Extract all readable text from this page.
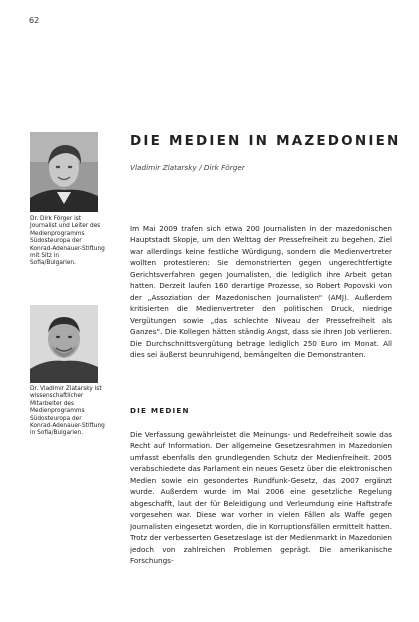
62
Dr. Dirk Förger ist Journalist und Leiter des Medienprogramms Südosteuropa der Konrad-Adenauer-Stiftung mit Sitz in Sofia/Bulgarien.
Dr. Vladimir Zlatarsky ist wissenschaftlicher Mitarbeiter des Medienprogramms Südosteuropa der Konrad-Adenauer-Stiftung in Sofia/Bulgarien.
DIE MEDIEN IN MAZEDONIEN
Vladimir Zlatarsky / Dirk Förger
Im Mai 2009 trafen sich etwa 200 Journalisten in der mazedonischen Hauptstadt Skopje, um den Welttag der Pressefreiheit zu begehen. Ziel war allerdings keine festliche Würdigung, sondern die Medienvertreter wollten protestieren: Sie demonstrierten gegen ungerechtfertigte Gerichtsverfahren gegen Journalisten, die lediglich ihre Arbeit getan hatten. Derzeit laufen 160 derartige Prozesse, so Robert Popovski von der „Assoziation der Mazedonischen Journalisten“ (AMJ). Außerdem kritisierten die Medienvertreter den politischen Druck, niedrige Vergütungen sowie „das schlechte Niveau der Pressefreiheit als Ganzes“. Die Kollegen hätten ständig Angst, dass sie ihren Job verlieren. Die Durchschnittsvergütung betrage lediglich 250 Euro im Monat. All dies sei äußerst beunruhigend, bemängelten die Demonstranten.
DIE MEDIEN
Die Verfassung gewährleistet die Meinungs- und Redefreiheit sowie das Recht auf Information. Der allgemeine Gesetzesrahmen in Mazedonien umfasst ebenfalls den grundlegenden Schutz der Medienfreiheit. 2005 verabschiedete das Parlament ein neues Gesetz über die elektronischen Medien sowie ein gesondertes Rundfunk-Gesetz, das 2007 ergänzt wurde. Außerdem wurde im Mai 2006 eine gesetzliche Regelung abgeschafft, laut der für Beleidigung und Verleumdung eine Haftstrafe vorgesehen war. Diese war vorher in vielen Fällen als Waffe gegen Journalisten eingesetzt worden, die in Korruptionsfällen ermittelt hatten. Trotz der verbesserten Gesetzeslage ist der Medienmarkt in Mazedonien jedoch von zahlreichen Problemen geprägt. Die amerikanische Forschungs-
